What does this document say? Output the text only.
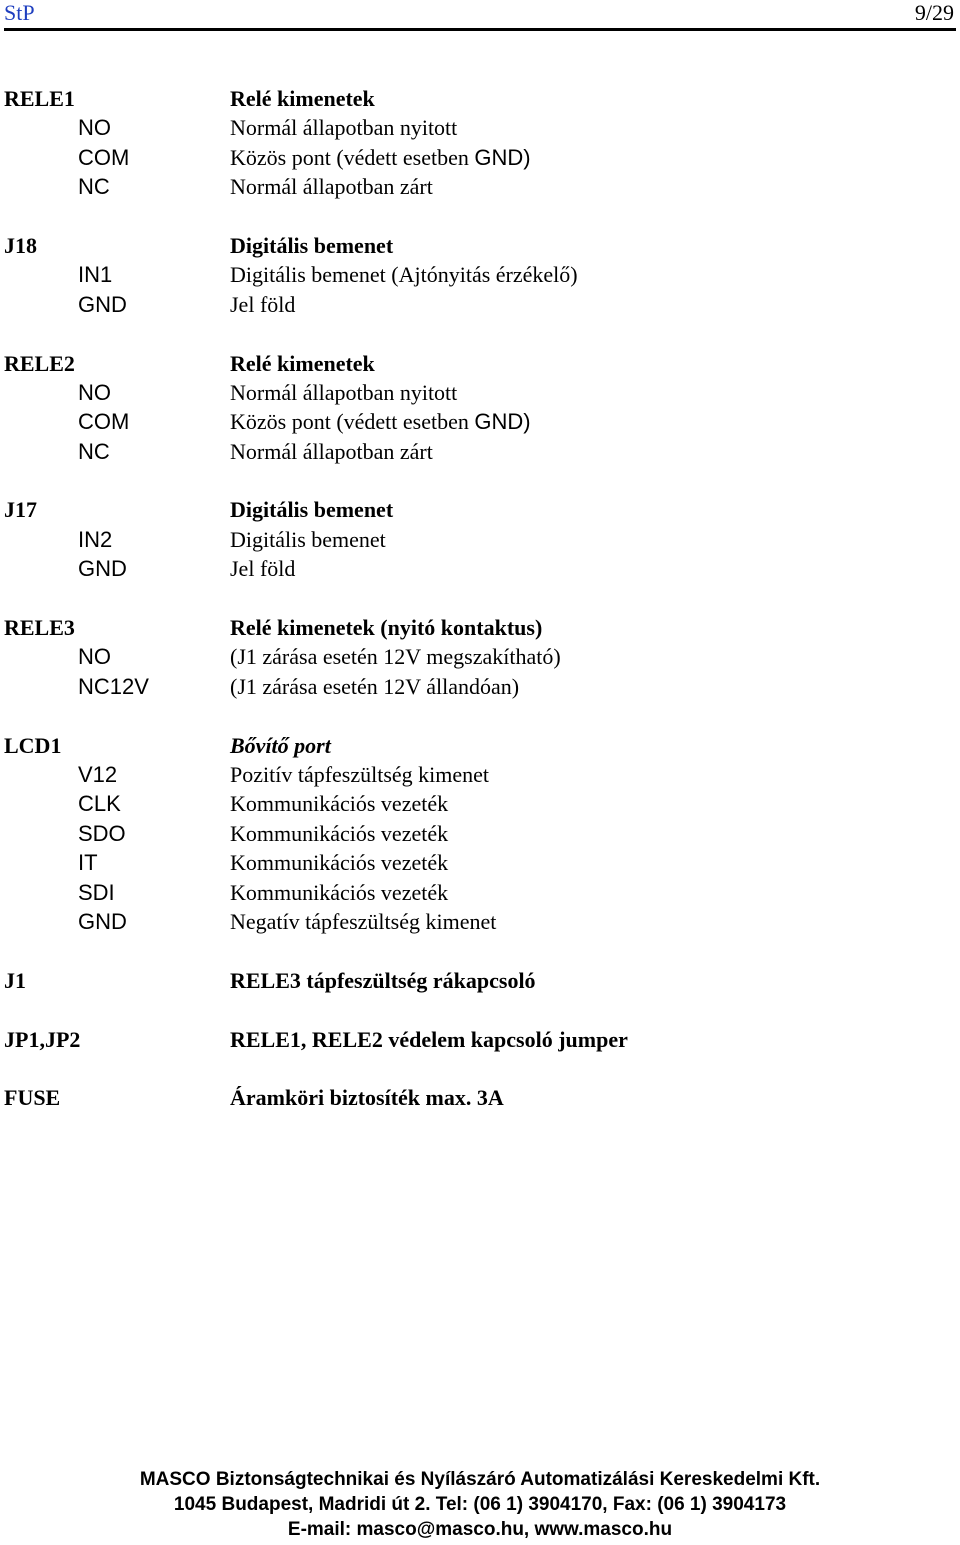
StP	9/29
RELE1	Relé kimenetek
NO	Normál állapotban nyitott
COM	Közös pont (védett esetben GND)
NC	Normál állapotban zárt
J18	Digitális bemenet
IN1	Digitális bemenet (Ajtónyitás érzékelő)
GND	Jel föld
RELE2	Relé kimenetek
NO	Normál állapotban nyitott
COM	Közös pont (védett esetben GND)
NC	Normál állapotban zárt
J17	Digitális bemenet
IN2	Digitális bemenet
GND	Jel föld
RELE3	Relé kimenetek (nyitó kontaktus)
NO	(J1 zárása esetén 12V megszakítható)
NC12V	(J1 zárása esetén 12V állandóan)
LCD1	Bővítő port
V12	Pozitív tápfeszültség kimenet
CLK	Kommunikációs vezeték
SDO	Kommunikációs vezeték
IT	Kommunikációs vezeték
SDI	Kommunikációs vezeték
GND	Negatív tápfeszültség kimenet
J1	RELE3 tápfeszültség rákapcsoló
JP1,JP2	RELE1, RELE2 védelem kapcsoló jumper
FUSE	Áramköri biztosíték max. 3A
MASCO Biztonságtechnikai és Nyílászáró Automatizálási Kereskedelmi Kft.
1045 Budapest, Madridi út 2. Tel: (06 1) 3904170, Fax: (06 1) 3904173
E-mail: masco@masco.hu, www.masco.hu
